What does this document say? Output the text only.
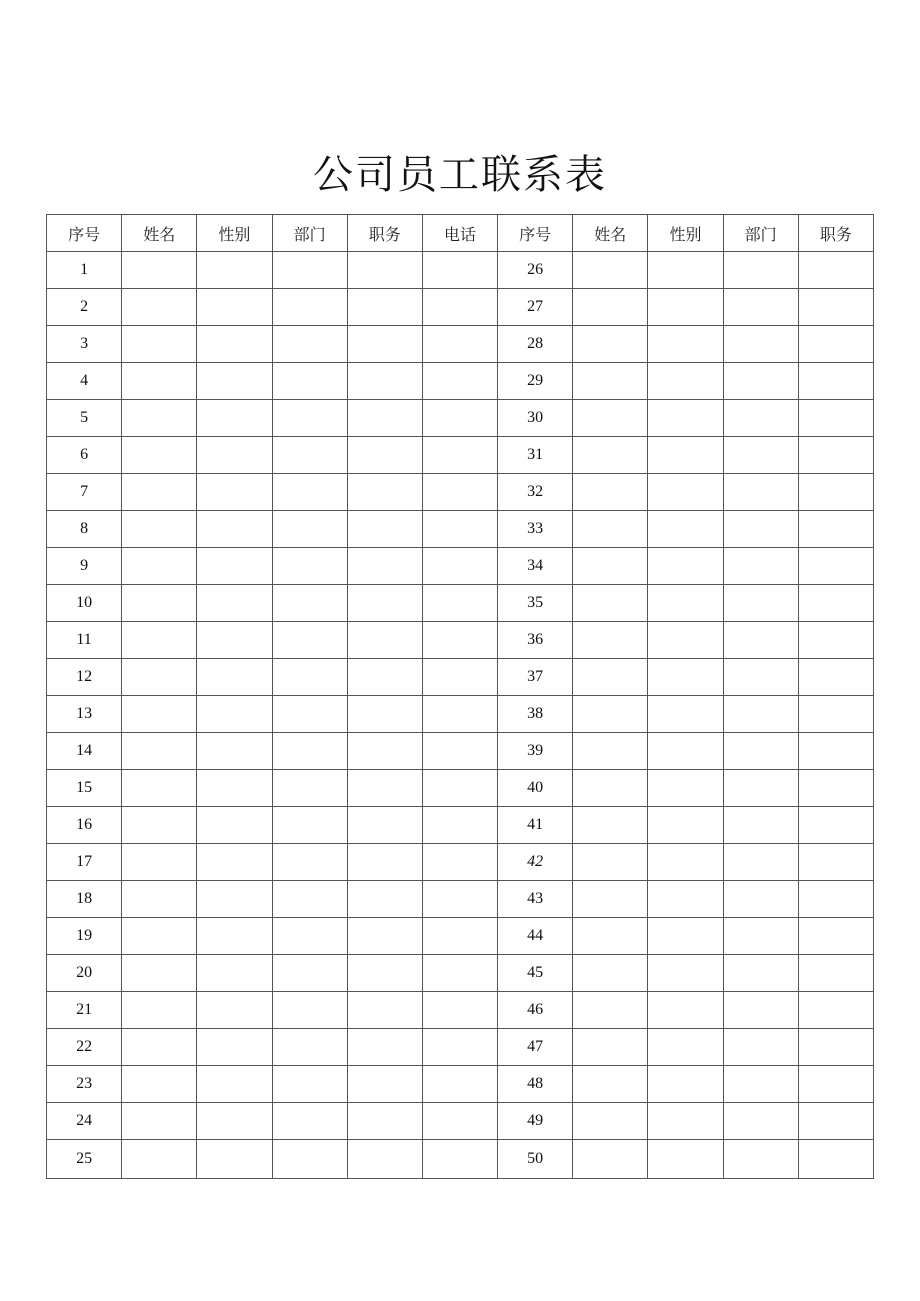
公司员工联系表
序号	姓名	性别	部门	职务	电话	序号	姓名	性别	部门	职务
1						26				
2						27				
3						28				
4						29				
5						30				
6						31				
7						32				
8						33				
9						34				
10						35				
11						36				
12						37				
13						38				
14						39				
15						40				
16						41				
17						42				
18						43				
19						44				
20						45				
21						46				
22						47				
23						48				
24						49				
25						50				
